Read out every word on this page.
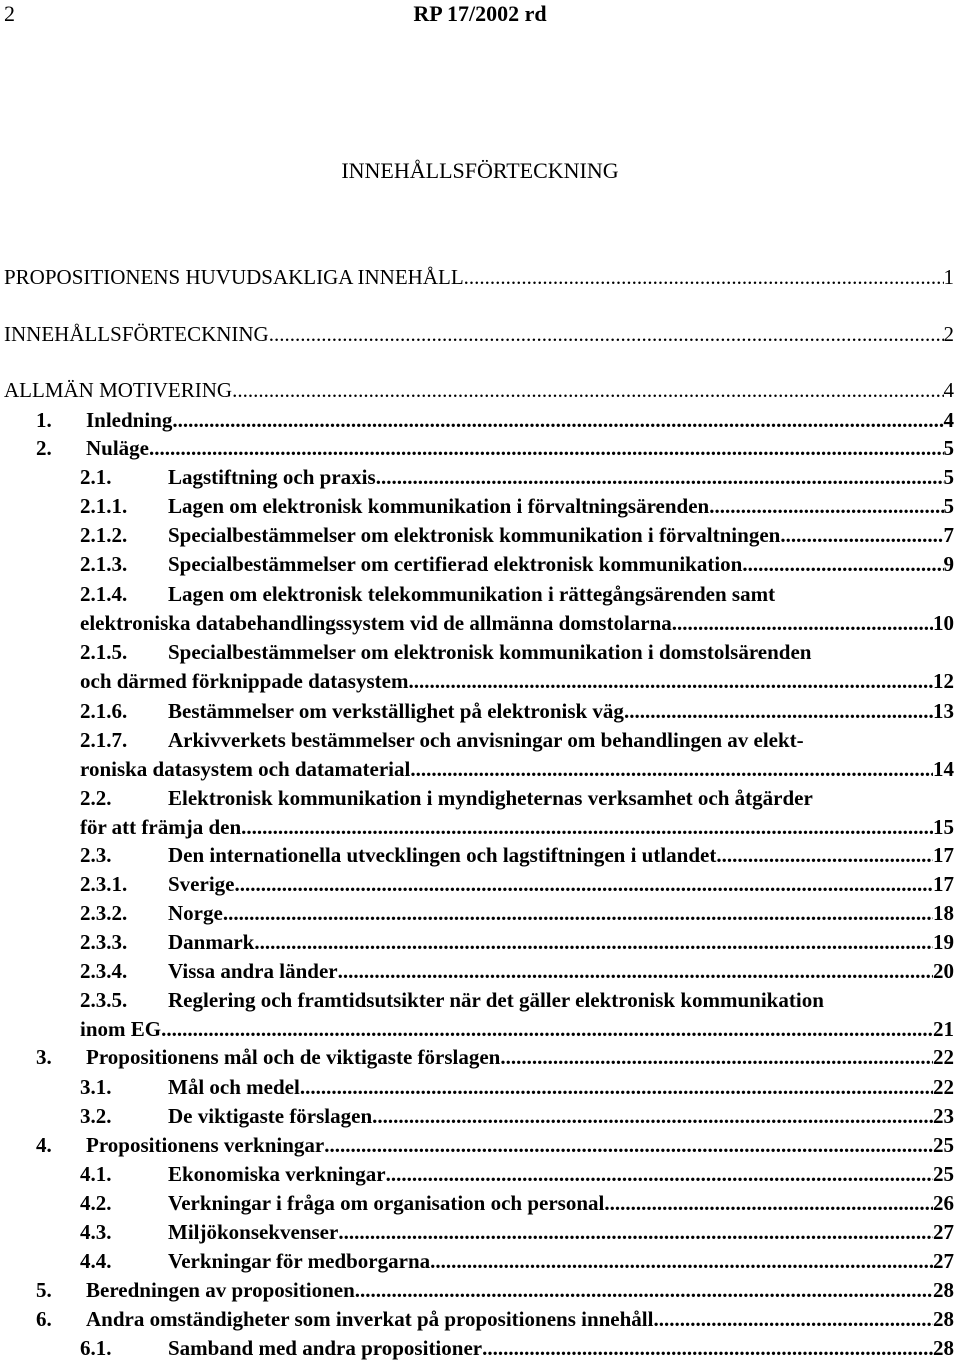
2	RP 17/2002 rd
INNEHÅLLSFÖRTECKNING
PROPOSITIONENS HUVUDSAKLIGA INNEHÅLL .....	1
INNEHÅLLSFÖRTECKNING .....	2
ALLMÄN MOTIVERING .....	4
1. Inledning .....	4
2. Nuläge .....	5
2.1.	Lagstiftning och praxis .....	5
2.1.1. Lagen om elektronisk kommunikation i förvaltningsärenden .....	5
2.1.2. Specialbestämmelser om elektronisk kommunikation i förvaltningen .....	7
2.1.3. Specialbestämmelser om certifierad elektronisk kommunikation .....	9
2.1.4. Lagen om elektronisk telekommunikation i rättegångsärenden samt
elektroniska databehandlingssystem vid de allmänna domstolarna .....	10
2.1.5. Specialbestämmelser om elektronisk kommunikation i domstolsärenden
och därmed förknippade datasystem .....	12
2.1.6. Bestämmelser om verkställighet på elektronisk väg .....	13
2.1.7. Arkivverkets bestämmelser och anvisningar om behandlingen av elekt-
roniska datasystem och datamaterial .....	14
2.2.	Elektronisk kommunikation i myndigheternas verksamhet och åtgärder
för att främja den .....	15
2.3.	Den internationella utvecklingen och lagstiftningen i utlandet .....	17
2.3.1. Sverige .....	17
2.3.2. Norge .....	18
2.3.3. Danmark .....	19
2.3.4. Vissa andra länder .....	20
2.3.5. Reglering och framtidsutsikter när det gäller elektronisk kommunikation
inom EG .....	21
3. Propositionens mål och de viktigaste förslagen .....	22
3.1.	Mål och medel .....	22
3.2.	De viktigaste förslagen .....	23
4. Propositionens verkningar .....	25
4.1.	Ekonomiska verkningar .....	25
4.2.	Verkningar i fråga om organisation och personal .....	26
4.3.	Miljökonsekvenser .....	27
4.4.	Verkningar för medborgarna .....	27
5. Beredningen av propositionen .....	28
6. Andra omständigheter som inverkat på propositionens innehåll .....	28
6.1.	Samband med andra propositioner .....	28
